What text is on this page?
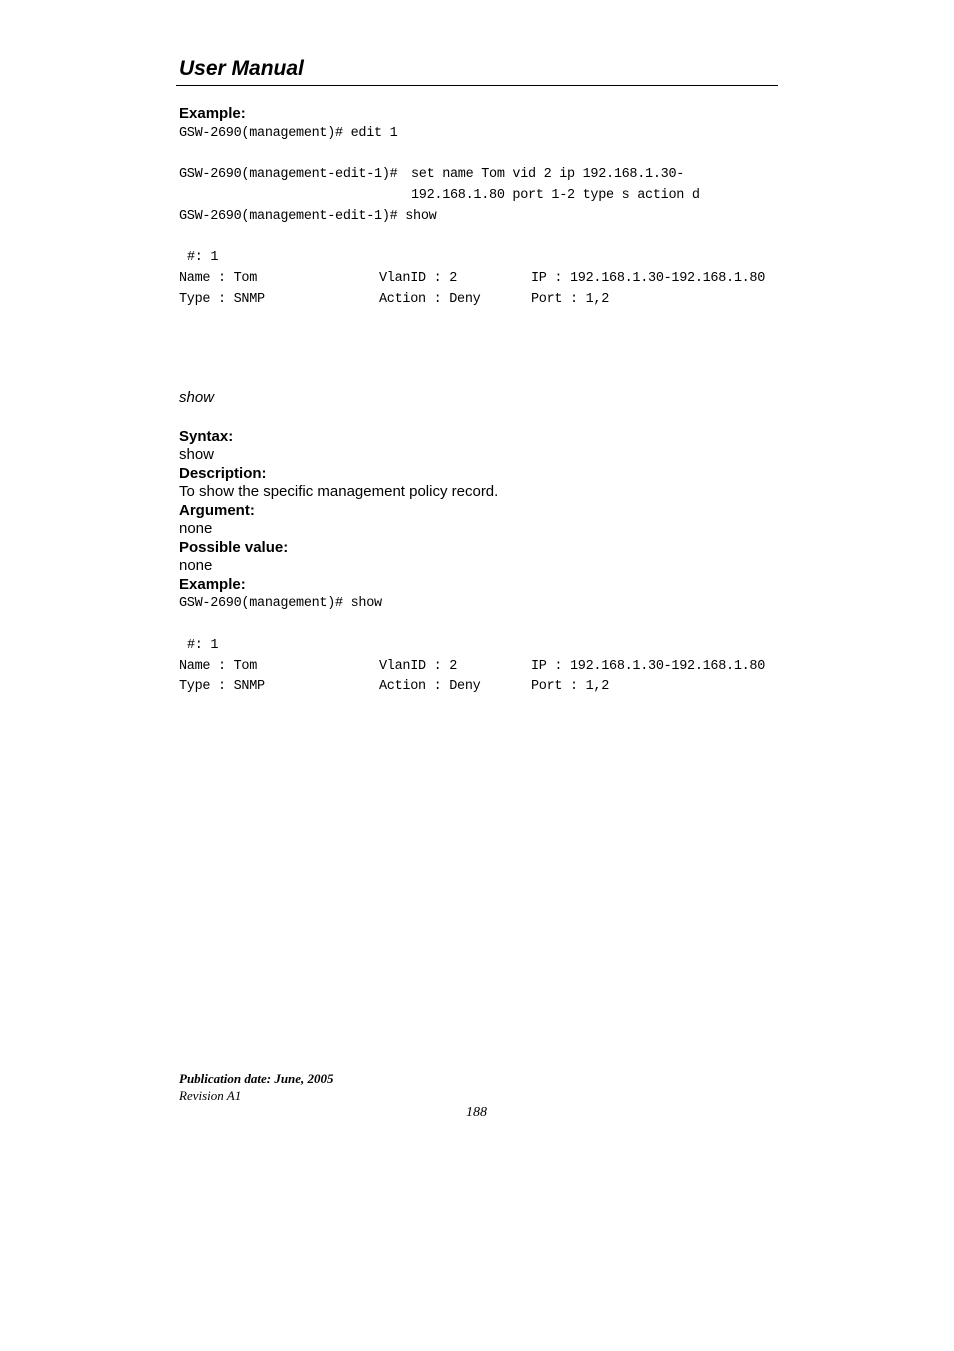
User Manual
Example:
GSW-2690(management)# edit 1
GSW-2690(management-edit-1)# set name Tom vid 2 ip 192.168.1.30-
192.168.1.80 port 1-2 type s action d
GSW-2690(management-edit-1)# show
#: 1
Name : Tom	VlanID : 2	IP : 192.168.1.30-192.168.1.80
Type : SNMP	Action : Deny	Port : 1,2
show
Syntax:
show
Description:
To show the specific management policy record.
Argument:
none
Possible value:
none
Example:
GSW-2690(management)# show
#: 1
Name : Tom	VlanID : 2	IP : 192.168.1.30-192.168.1.80
Type : SNMP	Action : Deny	Port : 1,2
Publication date: June, 2005
Revision A1
188
